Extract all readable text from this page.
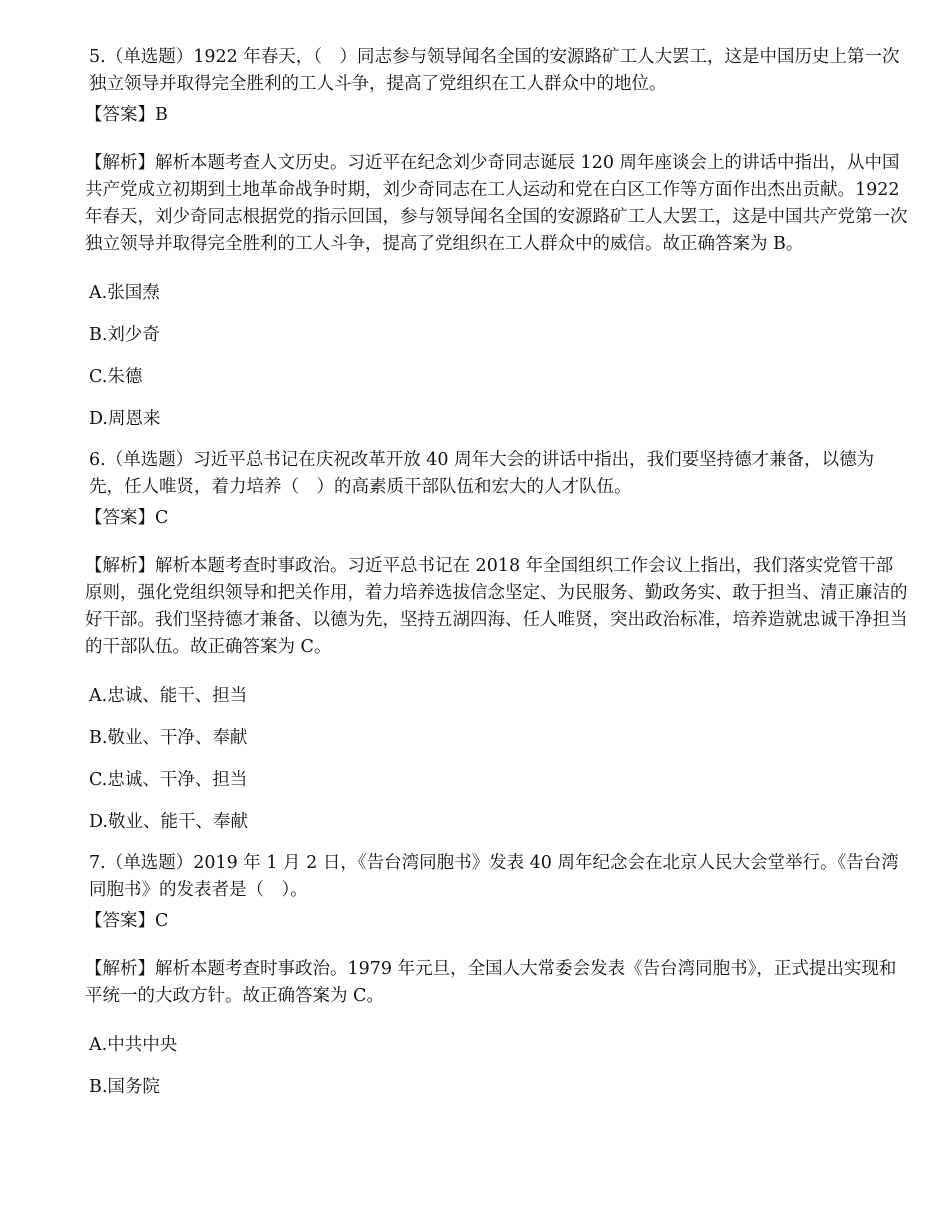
5.（单选题）1922 年春天，（　）同志参与领导闻名全国的安源路矿工人大罢工，这是中国历史上第一次独立领导并取得完全胜利的工人斗争，提高了党组织在工人群众中的地位。

【答案】B
【解析】解析本题考查人文历史。习近平在纪念刘少奇同志诞辰 120 周年座谈会上的讲话中指出，从中国共产党成立初期到土地革命战争时期，刘少奇同志在工人运动和党在白区工作等方面作出杰出贡献。1922 年春天，刘少奇同志根据党的指示回国，参与领导闻名全国的安源路矿工人大罢工，这是中国共产党第一次独立领导并取得完全胜利的工人斗争，提高了党组织在工人群众中的威信。故正确答案为 B。
A.张国焘
B.刘少奇
C.朱德
D.周恩来

6.（单选题）习近平总书记在庆祝改革开放 40 周年大会的讲话中指出，我们要坚持德才兼备，以德为先，任人唯贤，着力培养（　）的高素质干部队伍和宏大的人才队伍。

【答案】C
【解析】解析本题考查时事政治。习近平总书记在 2018 年全国组织工作会议上指出，我们落实党管干部原则，强化党组织领导和把关作用，着力培养选拔信念坚定、为民服务、勤政务实、敢于担当、清正廉洁的好干部。我们坚持德才兼备、以德为先，坚持五湖四海、任人唯贤，突出政治标准，培养造就忠诚干净担当的干部队伍。故正确答案为 C。
A.忠诚、能干、担当
B.敬业、干净、奉献
C.忠诚、干净、担当
D.敬业、能干、奉献

7.（单选题）2019 年 1 月 2 日，《告台湾同胞书》发表 40 周年纪念会在北京人民大会堂举行。《告台湾同胞书》的发表者是（　）。

【答案】C
【解析】解析本题考查时事政治。1979 年元旦，全国人大常委会发表《告台湾同胞书》，正式提出实现和平统一的大政方针。故正确答案为 C。
A.中共中央
B.国务院
